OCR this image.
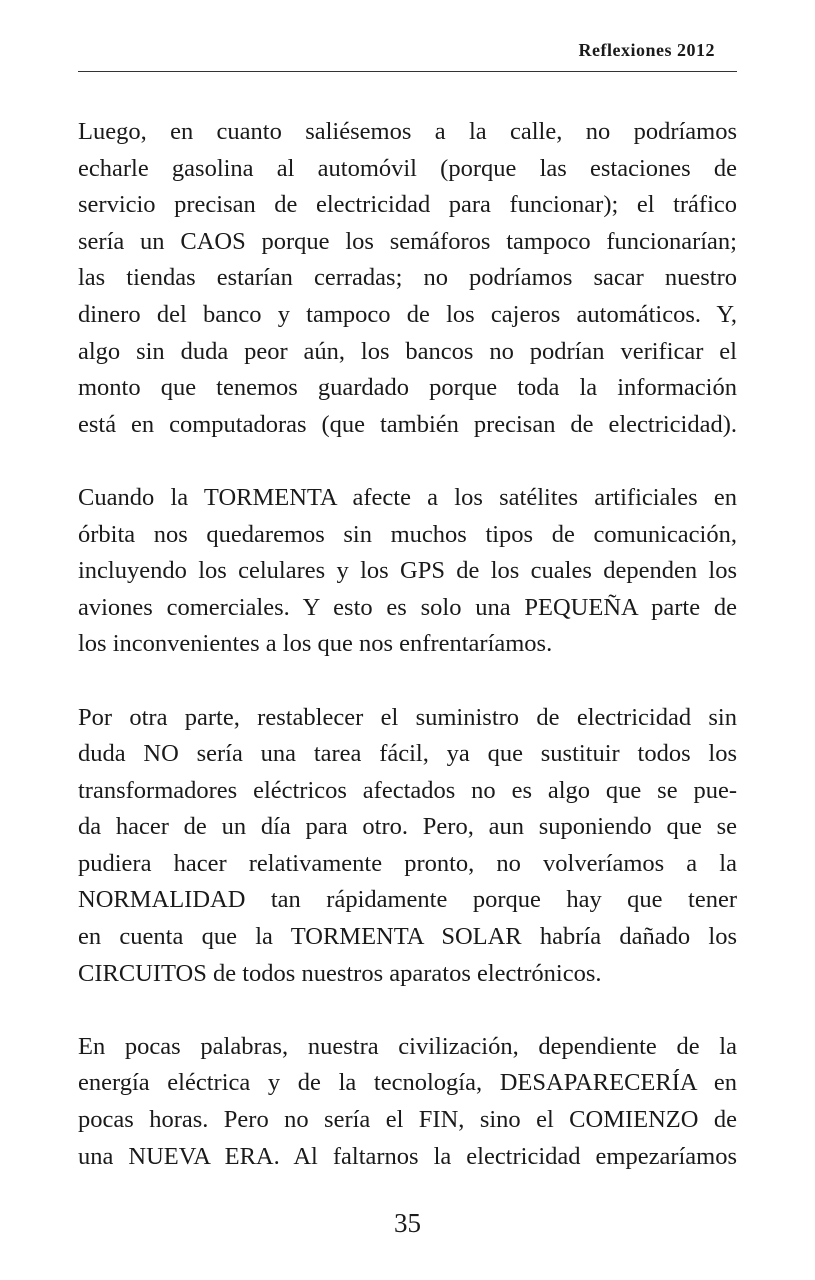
Reflexiones 2012
Luego, en cuanto saliésemos a la calle, no podríamos
echarle gasolina al automóvil (porque las estaciones de
servicio precisan de electricidad para funcionar); el tráfico
sería un CAOS porque los semáforos tampoco funcionarían;
las tiendas estarían cerradas; no podríamos sacar nuestro
dinero del banco y tampoco de los cajeros automáticos. Y,
algo sin duda peor aún, los bancos no podrían verificar el
monto que tenemos guardado porque toda la información
está en computadoras (que también precisan de electricidad).
Cuando la TORMENTA afecte a los satélites artificiales en
órbita nos quedaremos sin muchos tipos de comunicación,
incluyendo los celulares y los GPS de los cuales dependen los
aviones comerciales. Y esto es solo una PEQUEÑA parte de
los inconvenientes a los que nos enfrentaríamos.
Por otra parte, restablecer el suministro de electricidad sin
duda NO sería una tarea fácil, ya que sustituir todos los
transformadores eléctricos afectados no es algo que se pue-
da hacer de un día para otro. Pero, aun suponiendo que se
pudiera hacer relativamente pronto, no volveríamos a la
NORMALIDAD tan rápidamente porque hay que tener
en cuenta que la TORMENTA SOLAR habría dañado los
CIRCUITOS de todos nuestros aparatos electrónicos.
En pocas palabras, nuestra civilización, dependiente de la
energía eléctrica y de la tecnología, DESAPARECERÍA en
pocas horas. Pero no sería el FIN, sino el COMIENZO de
una NUEVA ERA. Al faltarnos la electricidad empezaríamos
35
